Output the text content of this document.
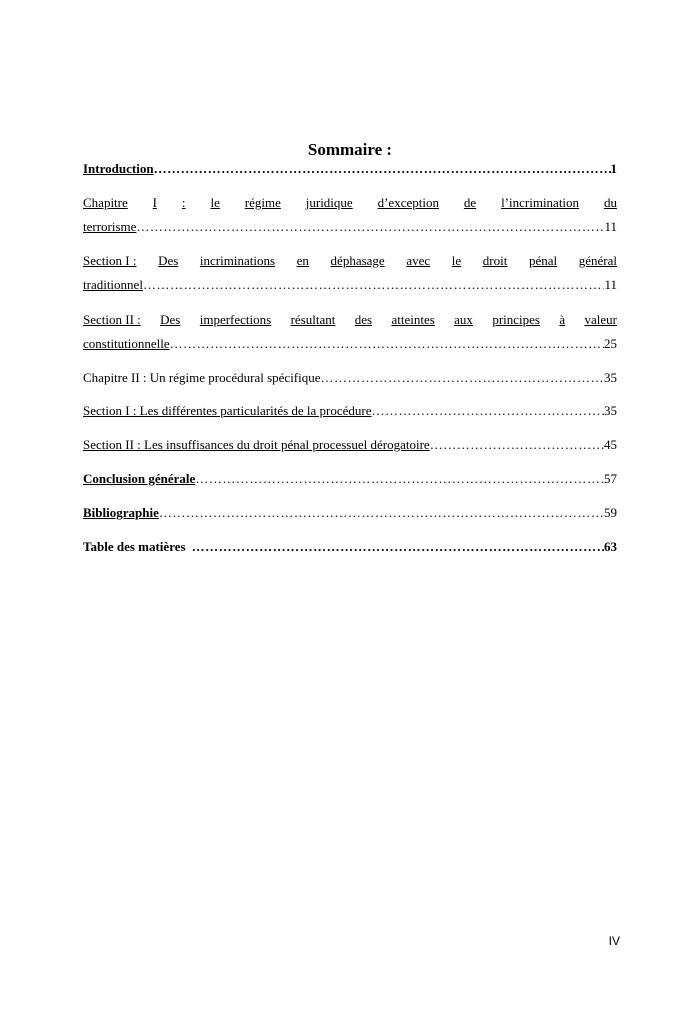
Sommaire :
Introduction ……………………………………………………………………………………………………………………………………………………………………………………	1
Chapitre I : le régime juridique d’exception de l’incrimination du
terrorisme ……………………………………………………………………………………………………………………………………………………………………………………	11
Section I : Des incriminations en déphasage avec le droit pénal général
traditionnel ……………………………………………………………………………………………………………………………………………………………………………………	11
Section II : Des imperfections résultant des atteintes aux principes à valeur
constitutionnelle ……………………………………………………………………………………………………………………………………………………………………………………	25
Chapitre II : Un régime procédural spécifique ……………………………………………………………………………………………………………………………………………………………………………………	35
Section I : Les différentes particularités de la procédure ……………………………………………………………………………………………………………………………………………………………………………………	35
Section II : Les insuffisances du droit pénal processuel dérogatoire ……………………………………………………………………………………………………………………………………………………………………………………	45
Conclusion générale ……………………………………………………………………………………………………………………………………………………………………………………	57
Bibliographie ……………………………………………………………………………………………………………………………………………………………………………………	59
Table des matières ……………………………………………………………………………………………………………………………………………………………………………………	63
IV
